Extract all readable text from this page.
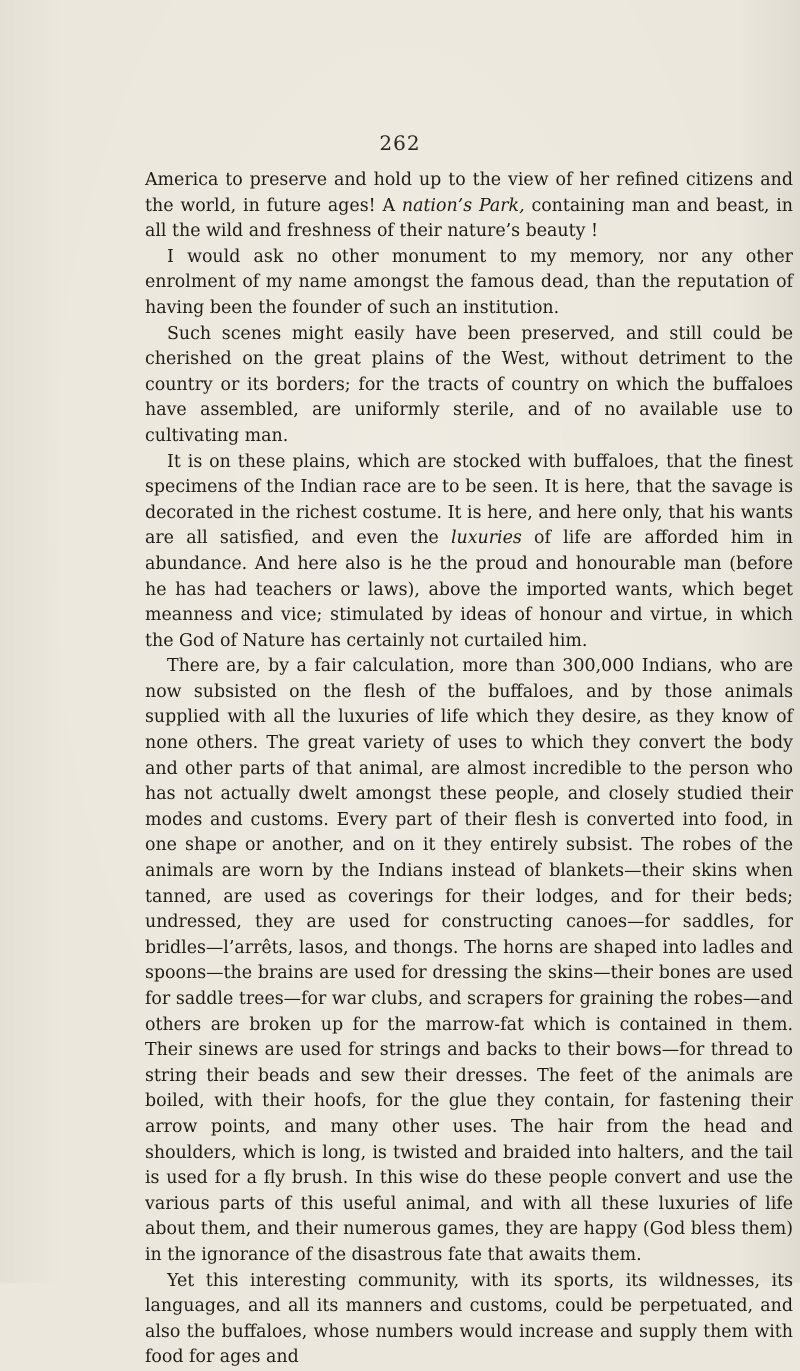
262

America to preserve and hold up to the view of her refined citizens and the world, in future ages! A nation’s Park, containing man and beast, in all the wild and freshness of their nature’s beauty !

I would ask no other monument to my memory, nor any other enrolment of my name amongst the famous dead, than the reputation of having been the founder of such an institution.

Such scenes might easily have been preserved, and still could be cherished on the great plains of the West, without detriment to the country or its borders; for the tracts of country on which the buffaloes have assembled, are uniformly sterile, and of no available use to cultivating man.

It is on these plains, which are stocked with buffaloes, that the finest specimens of the Indian race are to be seen. It is here, that the savage is decorated in the richest costume. It is here, and here only, that his wants are all satisfied, and even the luxuries of life are afforded him in abundance. And here also is he the proud and honourable man (before he has had teachers or laws), above the imported wants, which beget meanness and vice; stimulated by ideas of honour and virtue, in which the God of Nature has certainly not curtailed him.

There are, by a fair calculation, more than 300,000 Indians, who are now subsisted on the flesh of the buffaloes, and by those animals supplied with all the luxuries of life which they desire, as they know of none others. The great variety of uses to which they convert the body and other parts of that animal, are almost incredible to the person who has not actually dwelt amongst these people, and closely studied their modes and customs. Every part of their flesh is converted into food, in one shape or another, and on it they entirely subsist. The robes of the animals are worn by the Indians instead of blankets—their skins when tanned, are used as coverings for their lodges, and for their beds; undressed, they are used for constructing canoes—for saddles, for bridles—l’arrêts, lasos, and thongs. The horns are shaped into ladles and spoons—the brains are used for dressing the skins—their bones are used for saddle trees—for war clubs, and scrapers for graining the robes—and others are broken up for the marrow-fat which is contained in them. Their sinews are used for strings and backs to their bows—for thread to string their beads and sew their dresses. The feet of the animals are boiled, with their hoofs, for the glue they contain, for fastening their arrow points, and many other uses. The hair from the head and shoulders, which is long, is twisted and braided into halters, and the tail is used for a fly brush. In this wise do these people convert and use the various parts of this useful animal, and with all these luxuries of life about them, and their numerous games, they are happy (God bless them) in the ignorance of the disastrous fate that awaits them.

Yet this interesting community, with its sports, its wildnesses, its languages, and all its manners and customs, could be perpetuated, and also the buffaloes, whose numbers would increase and supply them with food for ages and
